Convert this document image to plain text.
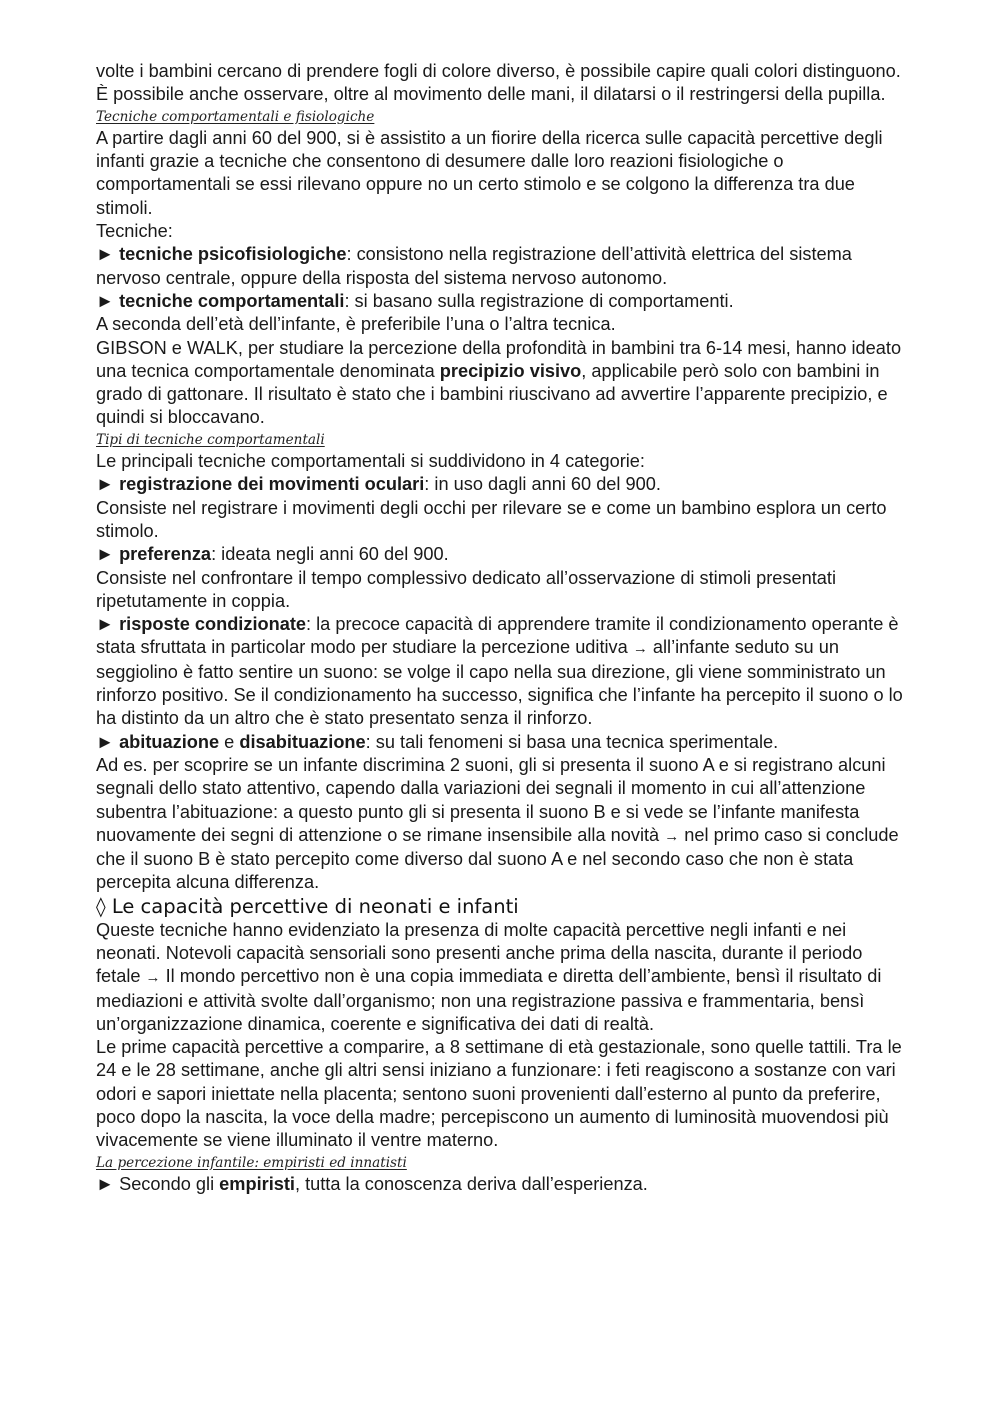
volte i bambini cercano di prendere fogli di colore diverso, è possibile capire quali colori distinguono. È possibile anche osservare, oltre al movimento delle mani, il dilatarsi o il restringersi della pupilla.

Tecniche comportamentali e fisiologiche

A partire dagli anni 60 del 900, si è assistito a un fiorire della ricerca sulle capacità percettive degli infanti grazie a tecniche che consentono di desumere dalle loro reazioni fisiologiche o comportamentali se essi rilevano oppure no un certo stimolo e se colgono la differenza tra due stimoli.

Tecniche:

► tecniche psicofisiologiche: consistono nella registrazione dell’attività elettrica del sistema nervoso centrale, oppure della risposta del sistema nervoso autonomo.

► tecniche comportamentali: si basano sulla registrazione di comportamenti.

A seconda dell’età dell’infante, è preferibile l’una o l’altra tecnica.

GIBSON e WALK, per studiare la percezione della profondità in bambini tra 6-14 mesi, hanno ideato una tecnica comportamentale denominata precipizio visivo, applicabile però solo con bambini in grado di gattonare. Il risultato è stato che i bambini riuscivano ad avvertire l’apparente precipizio, e quindi si bloccavano.

Tipi di tecniche comportamentali

Le principali tecniche comportamentali si suddividono in 4 categorie:

► registrazione dei movimenti oculari: in uso dagli anni 60 del 900.

Consiste nel registrare i movimenti degli occhi per rilevare se e come un bambino esplora un certo stimolo.

► preferenza: ideata negli anni 60 del 900.

Consiste nel confrontare il tempo complessivo dedicato all’osservazione di stimoli presentati ripetutamente in coppia.

► risposte condizionate: la precoce capacità di apprendere tramite il condizionamento operante è stata sfruttata in particolar modo per studiare la percezione uditiva → all’infante seduto su un seggiolino è fatto sentire un suono: se volge il capo nella sua direzione, gli viene somministrato un rinforzo positivo. Se il condizionamento ha successo, significa che l’infante ha percepito il suono o lo ha distinto da un altro che è stato presentato senza il rinforzo.

► abituazione e disabituazione: su tali fenomeni si basa una tecnica sperimentale.

Ad es. per scoprire se un infante discrimina 2 suoni, gli si presenta il suono A e si registrano alcuni segnali dello stato attentivo, capendo dalla variazioni dei segnali il momento in cui all’attenzione subentra l’abituazione: a questo punto gli si presenta il suono B e si vede se l’infante manifesta nuovamente dei segni di attenzione o se rimane insensibile alla novità → nel primo caso si conclude che il suono B è stato percepito come diverso dal suono A e nel secondo caso che non è stata percepita alcuna differenza.

◊ Le capacità percettive di neonati e infanti

Queste tecniche hanno evidenziato la presenza di molte capacità percettive negli infanti e nei neonati. Notevoli capacità sensoriali sono presenti anche prima della nascita, durante il periodo fetale → Il mondo percettivo non è una copia immediata e diretta dell’ambiente, bensì il risultato di mediazioni e attività svolte dall’organismo; non una registrazione passiva e frammentaria, bensì un’organizzazione dinamica, coerente e significativa dei dati di realtà.

Le prime capacità percettive a comparire, a 8 settimane di età gestazionale, sono quelle tattili. Tra le 24 e le 28 settimane, anche gli altri sensi iniziano a funzionare: i feti reagiscono a sostanze con vari odori e sapori iniettate nella placenta; sentono suoni provenienti dall’esterno al punto da preferire, poco dopo la nascita, la voce della madre; percepiscono un aumento di luminosità muovendosi più vivacemente se viene illuminato il ventre materno.

La percezione infantile: empiristi ed innatisti

► Secondo gli empiristi, tutta la conoscenza deriva dall’esperienza.
